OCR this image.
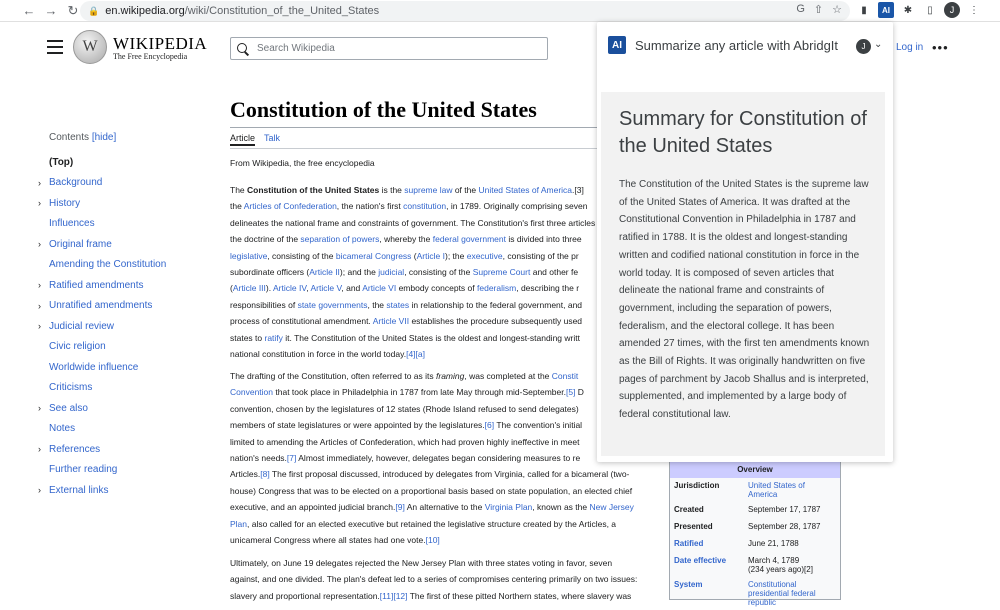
← → ↻	🔒 en.wikipedia.org /wiki/Constitution_of_the_United_States	G ⇧ ☆	▮	AI	✱	▯	J	⋮
W WIKIPEDIA
The Free Encyclopedia
Search Wikipedia
Log in •••
Contents [hide]
(Top)
› Background
› History
Influences
› Original frame
Amending the Constitution
› Ratified amendments
› Unratified amendments
› Judicial review
Civic religion
Worldwide influence
Criticisms
› See also
Notes
› References
Further reading
› External links
Constitution of the United States
Article Talk
From Wikipedia, the free encyclopedia
The Constitution of the United States is the supreme law of the United States of America.[3]
the Articles of Confederation, the nation's first constitution, in 1789. Originally comprising seven
delineates the national frame and constraints of government. The Constitution's first three articles
the doctrine of the separation of powers, whereby the federal government is divided into three
legislative, consisting of the bicameral Congress (Article I); the executive, consisting of the pr
subordinate officers (Article II); and the judicial, consisting of the Supreme Court and other fe
(Article III). Article IV, Article V, and Article VI embody concepts of federalism, describing the r
responsibilities of state governments, the states in relationship to the federal government, and
process of constitutional amendment. Article VII establishes the procedure subsequently used
states to ratify it. The Constitution of the United States is the oldest and longest-standing writt
national constitution in force in the world today.[4][a]
The drafting of the Constitution, often referred to as its framing, was completed at the Constit
Convention that took place in Philadelphia in 1787 from late May through mid-September.[5] D
convention, chosen by the legislatures of 12 states (Rhode Island refused to send delegates)
members of state legislatures or were appointed by the legislatures.[6] The convention's initial
limited to amending the Articles of Confederation, which had proven highly ineffective in meet
nation's needs.[7] Almost immediately, however, delegates began considering measures to re
Articles.[8] The first proposal discussed, introduced by delegates from Virginia, called for a bicameral (two-
house) Congress that was to be elected on a proportional basis based on state population, an elected chief
executive, and an appointed judicial branch.[9] An alternative to the Virginia Plan, known as the New Jersey
Plan, also called for an elected executive but retained the legislative structure created by the Articles, a
unicameral Congress where all states had one vote.[10]
Ultimately, on June 19 delegates rejected the New Jersey Plan with three states voting in favor, seven
against, and one divided. The plan's defeat led to a series of compromises centering primarily on two issues:
slavery and proportional representation.[11][12] The first of these pitted Northern states, where slavery was
Overview
Jurisdiction	United States of America
Created	September 17, 1787
Presented	September 28, 1787
Ratified	June 21, 1788
Date effective	March 4, 1789
(234 years ago)[2]
System	Constitutional presidential federal republic
AI	Summarize any article with AbridgIt	J ⌄
Summary for Constitution of the United States
The Constitution of the United States is the supreme law of the United States of America. It was drafted at the Constitutional Convention in Philadelphia in 1787 and ratified in 1788. It is the oldest and longest-standing written and codified national constitution in force in the world today. It is composed of seven articles that delineate the national frame and constraints of government, including the separation of powers, federalism, and the electoral college. It has been amended 27 times, with the first ten amendments known as the Bill of Rights. It was originally handwritten on five pages of parchment by Jacob Shallus and is interpreted, supplemented, and implemented by a large body of federal constitutional law.
